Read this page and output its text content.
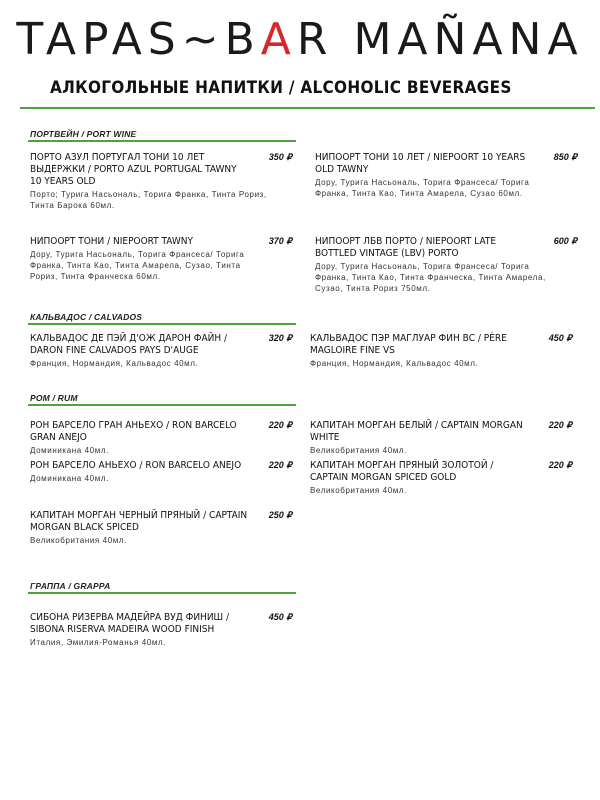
TAPAS~BAR MAÑANA
АЛКОГОЛЬНЫЕ НАПИТКИ / ALCOHOLIC BEVERAGES
ПОРТВЕЙН / PORT WINE
ПОРТО АЗУЛ ПОРТУГАЛ ТОНИ 10 ЛЕТ ВЫДЕРЖКИ / PORTO AZUL PORTUGAL TAWNY 10 YEARS OLD
350 ₽
Порто; Турига Насьональ, Торига Франка, Тинта Рориз, Тинта Барока 60мл.
НИПООРТ ТОНИ 10 ЛЕТ / NIEPOORT 10 YEARS OLD TAWNY
850 ₽
Дору, Турига Насьональ, Торига Франсеса/ Торига Франка, Тинта Као, Тинта Амарела, Сузао 60мл.
НИПООРТ ТОНИ / NIEPOORT TAWNY	370 ₽
Дору, Турига Насьональ, Торига Франсеса/ Торига Франка, Тинта Као, Тинта Амарела, Сузао, Тинта Рориз, Тинта Франческа 60мл.
НИПООРТ ЛБВ ПОРТО / NIEPOORT LATE BOTTLED VINTAGE (LBV) PORTO
600 ₽
Дору, Турига Насьональ, Торига Франсеса/ Торига Франка, Тинта Као, Тинта Франческа, Тинта Амарела, Сузао, Тинта Рориз 750мл.
КАЛЬВАДОС / CALVADOS
КАЛЬВАДОС ДЕ ПЭЙ Д'ОЖ ДАРОН ФАЙН / DARON FINE CALVADOS PAYS D'AUGE
320 ₽
Франция, Нормандия, Кальвадос 40мл.
КАЛЬВАДОС ПЭР МАГЛУАР ФИН ВС / PÈRE MAGLOIRE FINE VS
450 ₽
Франция, Нормандия, Кальвадос 40мл.
РОМ / RUM
РОН БАРСЕЛО ГРАН АНЬЕХО / RON BARCELO GRAN ANEJO
220 ₽
Доминикана 40мл.
КАПИТАН МОРГАН БЕЛЫЙ / CAPTAIN MORGAN WHITE
220 ₽
Великобритания 40мл.
РОН БАРСЕЛО АНЬЕХО / RON BARCELO ANEJO	220 ₽
Доминикана 40мл.
КАПИТАН МОРГАН ПРЯНЫЙ ЗОЛОТОЙ / CAPTAIN MORGAN SPICED GOLD
220 ₽
Великобритания 40мл.
КАПИТАН МОРГАН ЧЕРНЫЙ ПРЯНЫЙ / CAPTAIN MORGAN BLACK SPICED
250 ₽
Великобритания 40мл.
ГРАППА / GRAPPA
СИБОНА РИЗЕРВА МАДЕЙРА ВУД ФИНИШ / SIBONA RISERVA MADEIRA WOOD FINISH
450 ₽
Италия, Эмилия-Романья 40мл.
